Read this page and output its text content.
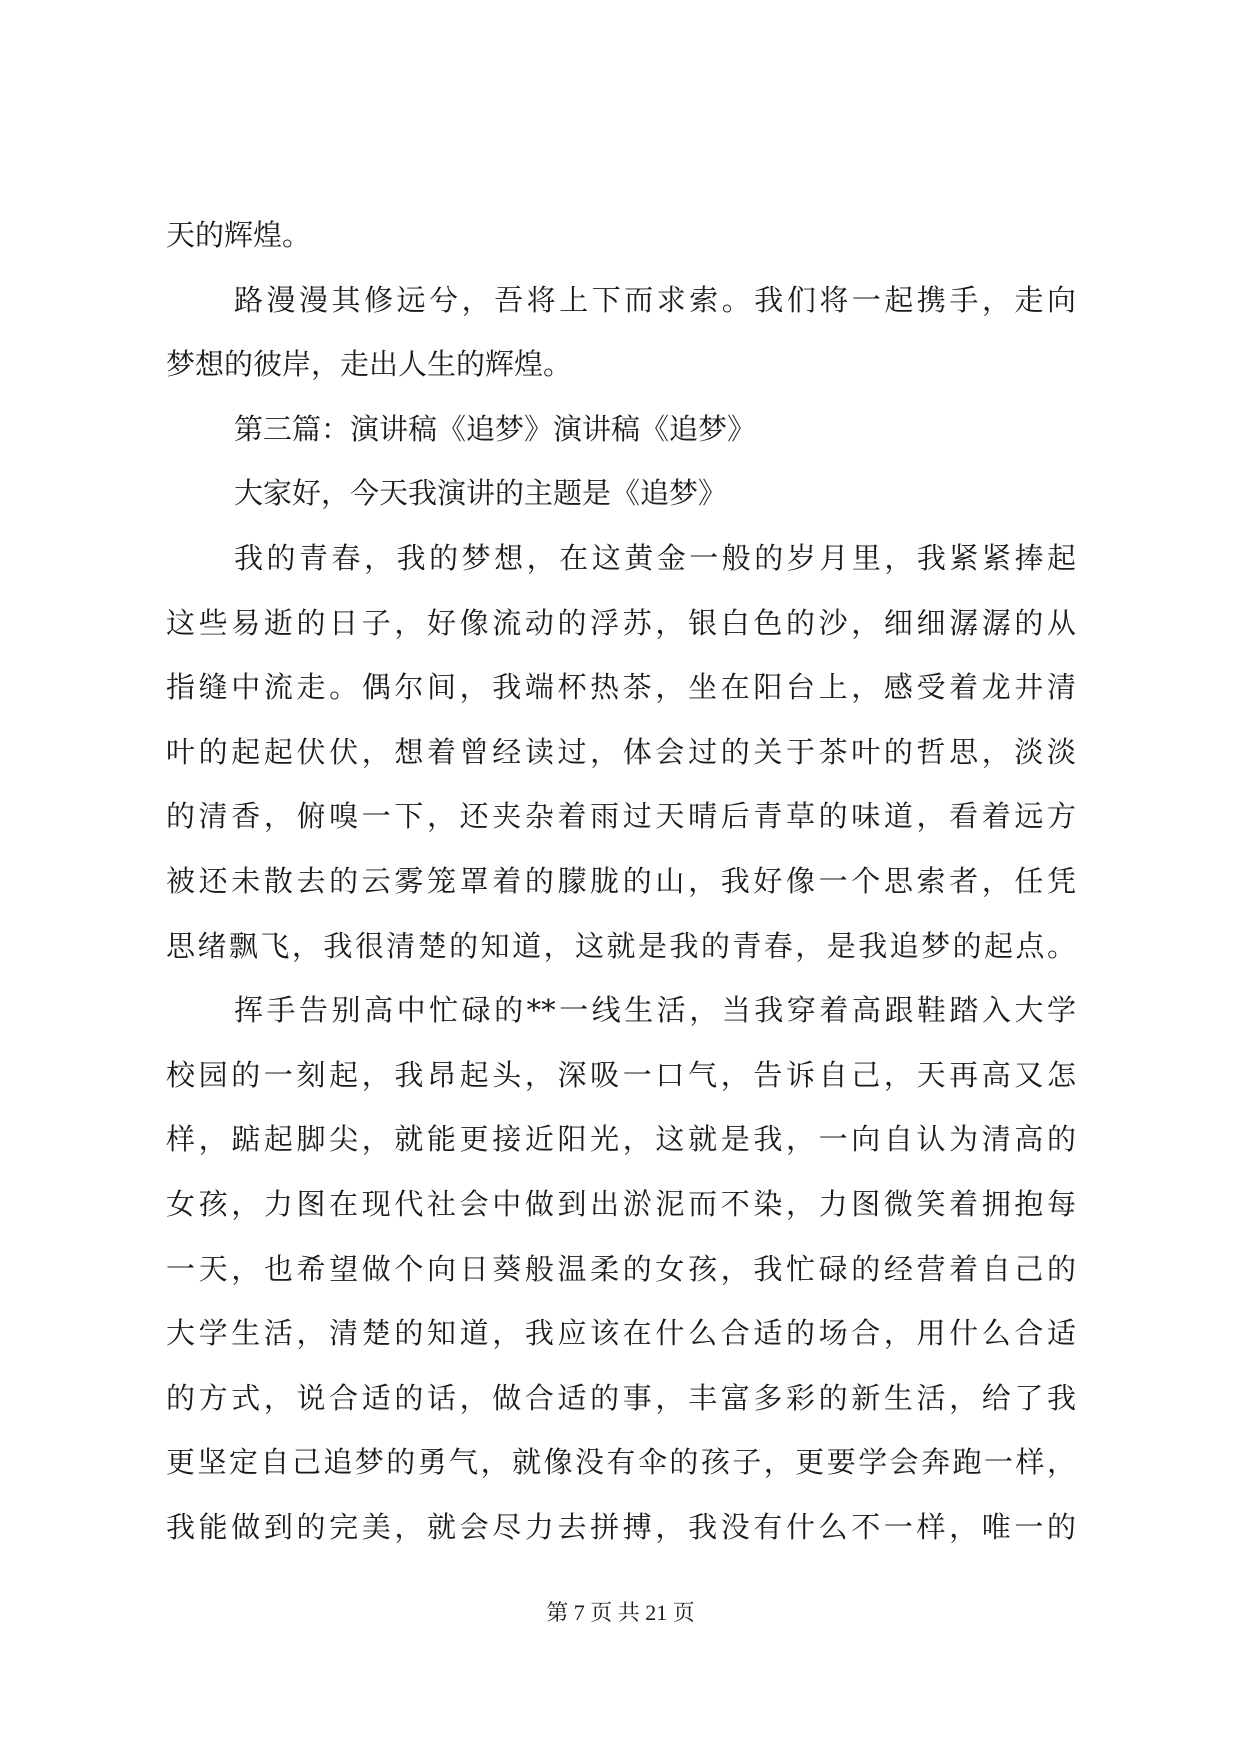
天的辉煌。
路漫漫其修远兮，吾将上下而求索。我们将一起携手，走向
梦想的彼岸，走出人生的辉煌。
第三篇：演讲稿《追梦》演讲稿《追梦》
大家好，今天我演讲的主题是《追梦》
我的青春，我的梦想，在这黄金一般的岁月里，我紧紧捧起
这些易逝的日子，好像流动的浮苏，银白色的沙，细细潺潺的从
指缝中流走。偶尔间，我端杯热茶，坐在阳台上，感受着龙井清
叶的起起伏伏，想着曾经读过，体会过的关于茶叶的哲思，淡淡
的清香，俯嗅一下，还夹杂着雨过天晴后青草的味道，看着远方
被还未散去的云雾笼罩着的朦胧的山，我好像一个思索者，任凭
思绪飘飞，我很清楚的知道，这就是我的青春，是我追梦的起点。
挥手告别高中忙碌的**一线生活，当我穿着高跟鞋踏入大学
校园的一刻起，我昂起头，深吸一口气，告诉自己，天再高又怎
样，踮起脚尖，就能更接近阳光，这就是我，一向自认为清高的
女孩，力图在现代社会中做到出淤泥而不染，力图微笑着拥抱每
一天，也希望做个向日葵般温柔的女孩，我忙碌的经营着自己的
大学生活，清楚的知道，我应该在什么合适的场合，用什么合适
的方式，说合适的话，做合适的事，丰富多彩的新生活，给了我
更坚定自己追梦的勇气，就像没有伞的孩子，更要学会奔跑一样，
我能做到的完美，就会尽力去拼搏，我没有什么不一样，唯一的
第 7 页 共 21 页
